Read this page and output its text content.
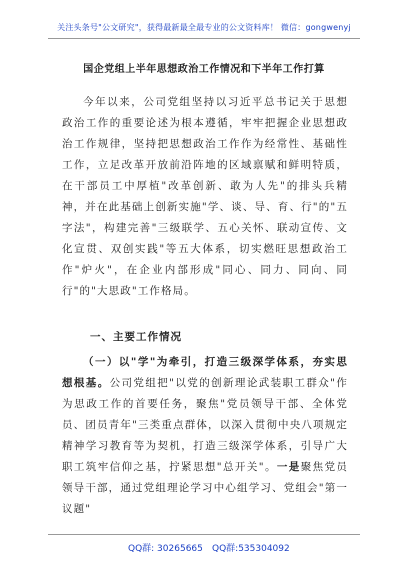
关注头条号"公文研究"，获得最新最全最专业的公文资料库！ 微信：gongwenyj
国企党组上半年思想政治工作情况和下半年工作打算

今年以来，公司党组坚持以习近平总书记关于思想政治工作的重要论述为根本遵循，牢牢把握企业思想政治工作规律，坚持把思想政治工作作为经常性、基础性工作，立足改革开放前沿阵地的区域禀赋和鲜明特质，在干部员工中厚植"改革创新、敢为人先"的排头兵精神，并在此基础上创新实施"学、谈、导、育、行"的"五字法"，构建完善"三级联学、五心关怀、联动宣传、文化宣贯、双创实践"等五大体系，切实燃旺思想政治工作"炉火"，在企业内部形成"同心、同力、同向、同行"的"大思政"工作格局。

一、主要工作情况

（一）以"学"为牵引，打造三级深学体系，夯实思想根基。公司党组把"以党的创新理论武装职工群众"作为思政工作的首要任务，聚焦"党员领导干部、全体党员、团员青年"三类重点群体，以深入贯彻中央八项规定精神学习教育等为契机，打造三级深学体系，引导广大职工筑牢信仰之基，拧紧思想"总开关"。一是聚焦党员领导干部，通过党组理论学习中心组学习、党组会"第一议题"

QQ群: 30265665 QQ群:535304092
